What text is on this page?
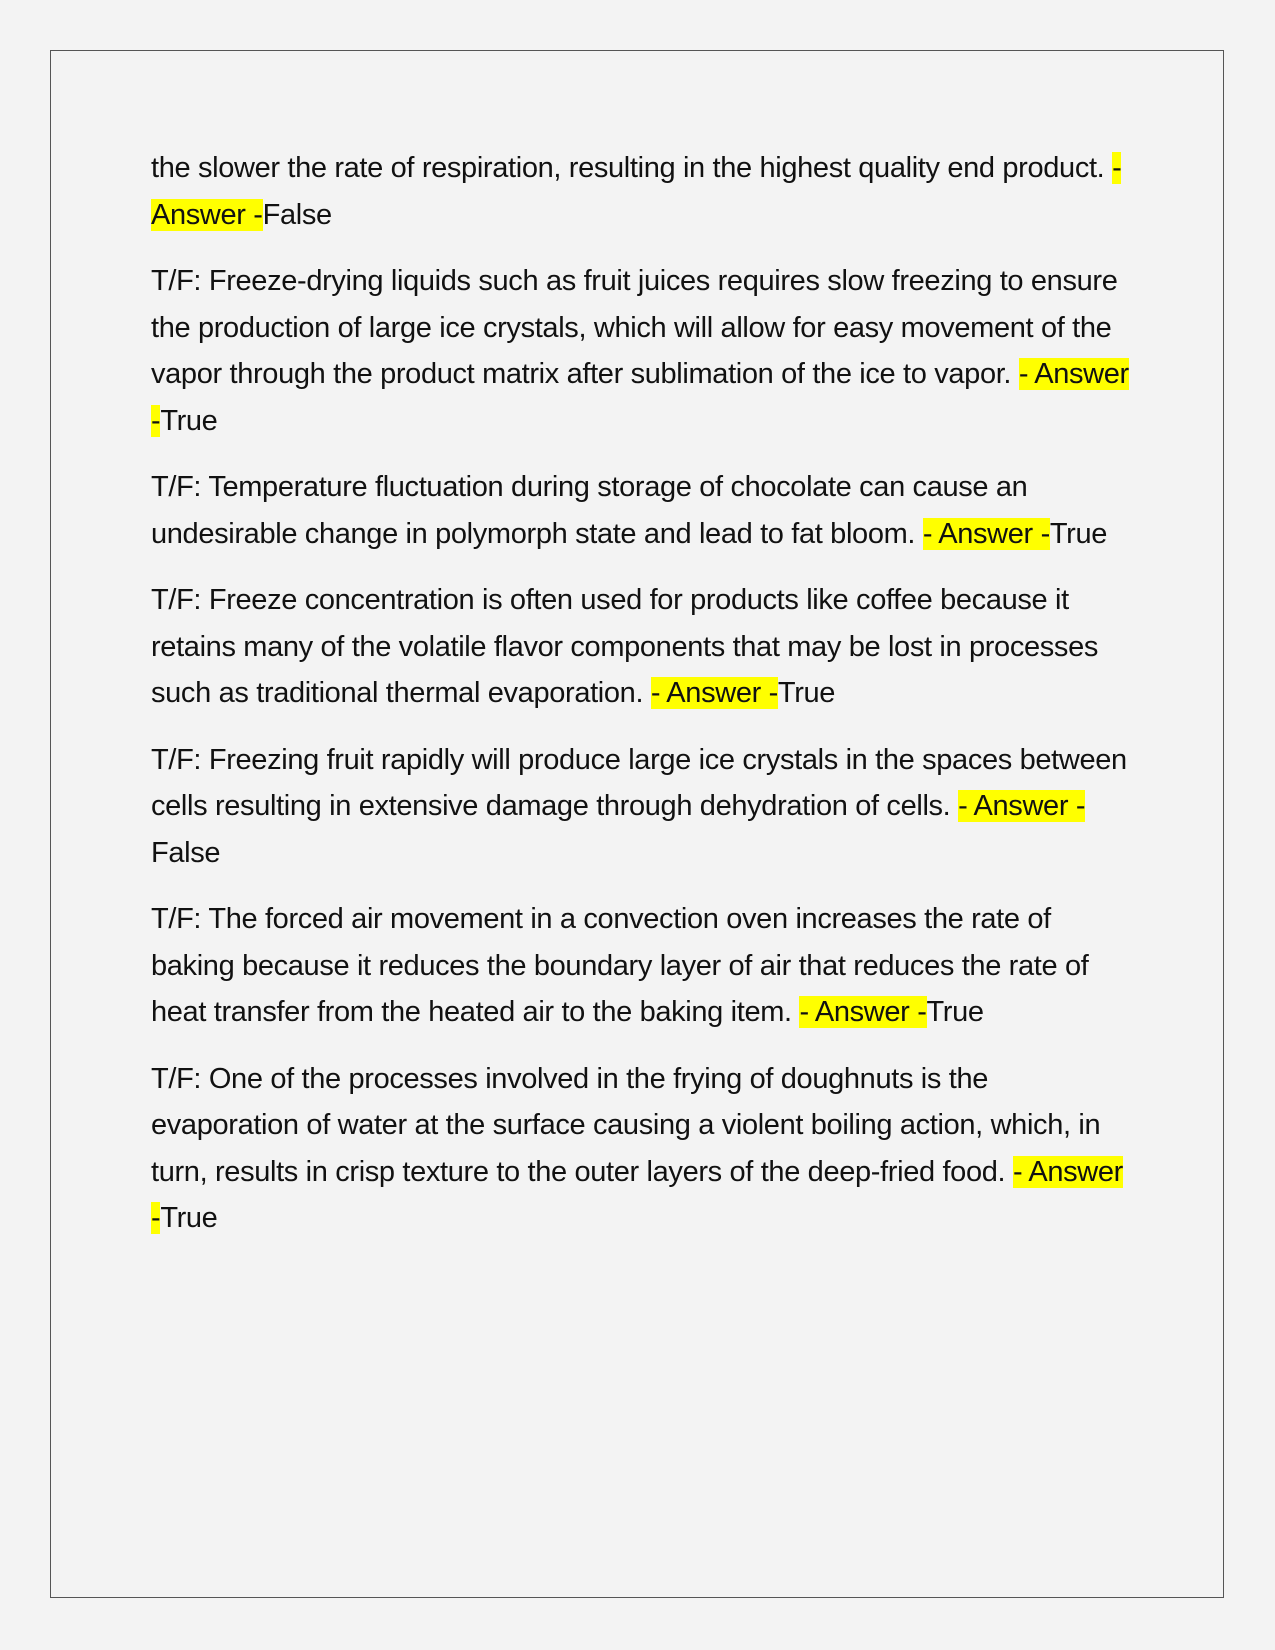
the slower the rate of respiration, resulting in the highest quality end product. - Answer -False

T/F: Freeze-drying liquids such as fruit juices requires slow freezing to ensure the production of large ice crystals, which will allow for easy movement of the vapor through the product matrix after sublimation of the ice to vapor. - Answer -True

T/F: Temperature fluctuation during storage of chocolate can cause an undesirable change in polymorph state and lead to fat bloom. - Answer -True

T/F: Freeze concentration is often used for products like coffee because it retains many of the volatile flavor components that may be lost in processes such as traditional thermal evaporation. - Answer -True

T/F: Freezing fruit rapidly will produce large ice crystals in the spaces between cells resulting in extensive damage through dehydration of cells. - Answer -False

T/F: The forced air movement in a convection oven increases the rate of baking because it reduces the boundary layer of air that reduces the rate of heat transfer from the heated air to the baking item. - Answer -True

T/F: One of the processes involved in the frying of doughnuts is the evaporation of water at the surface causing a violent boiling action, which, in turn, results in crisp texture to the outer layers of the deep-fried food. - Answer -True
